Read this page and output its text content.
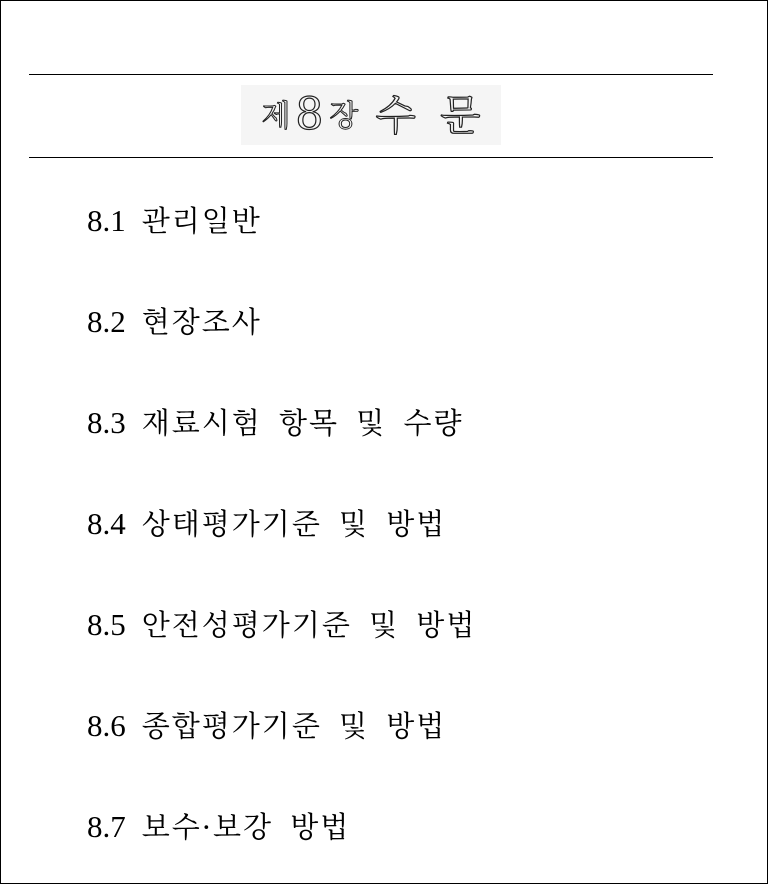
제 8 장 수문
8.1 관리일반
8.2 현장조사
8.3 재료시험 항목 및 수량
8.4 상태평가기준 및 방법
8.5 안전성평가기준 및 방법
8.6 종합평가기준 및 방법
8.7 보수·보강 방법
